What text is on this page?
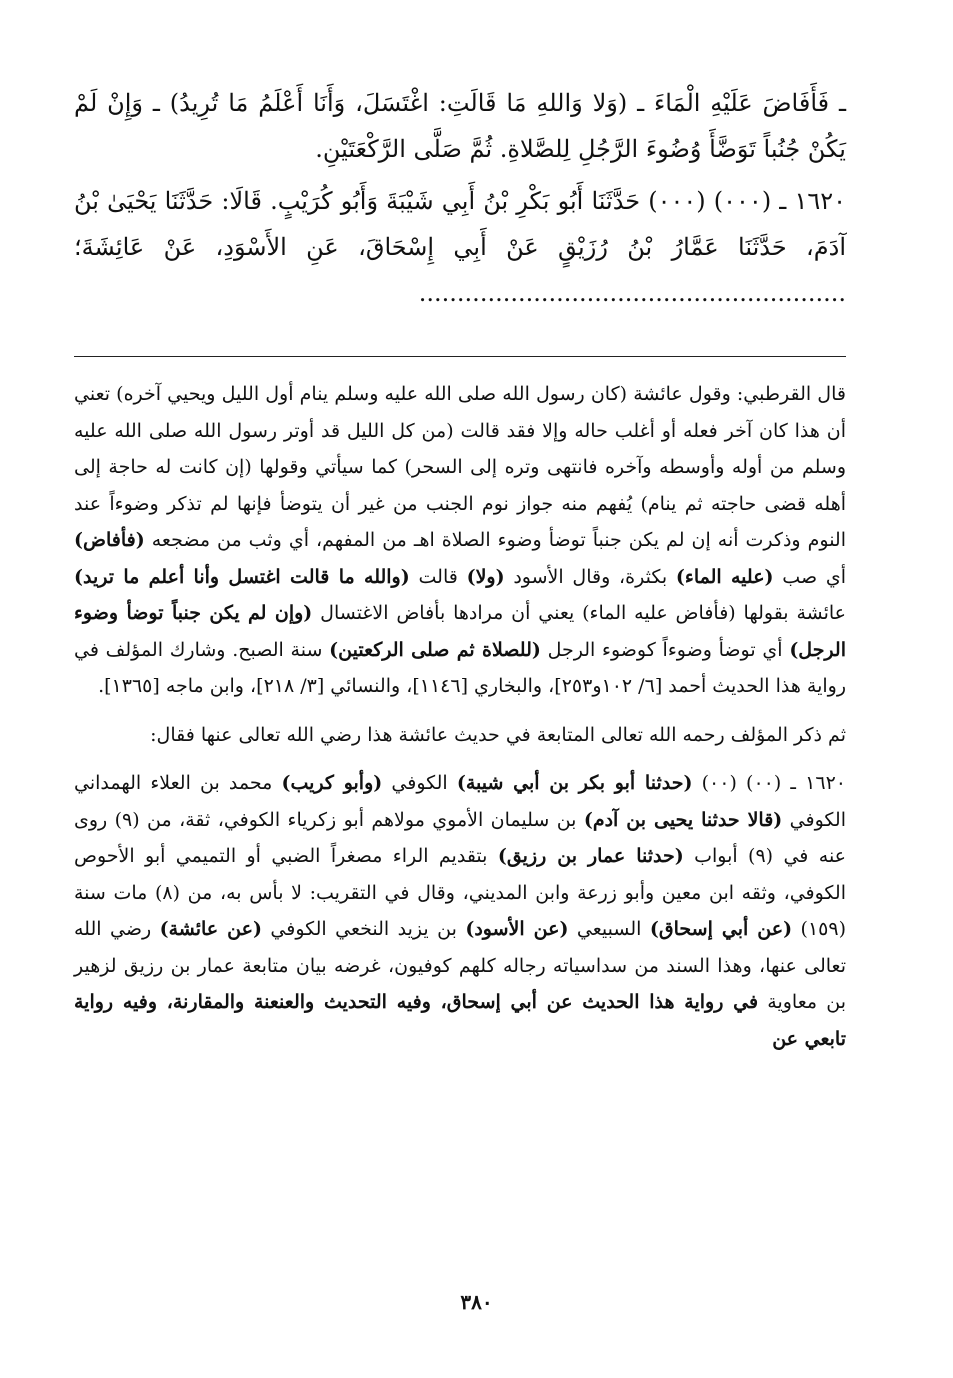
ـ فَأَفَاضَ عَلَيْهِ الْمَاءَ ـ (وَلا وَاللهِ مَا قَالَتِ: اغْتَسَلَ، وَأَنَا أَعْلَمُ مَا تُرِيدُ) ـ وَإِنْ لَمْ يَكُنْ جُنُباً تَوَضَّأَ وُضُوءَ الرَّجُلِ لِلصَّلاةِ. ثُمَّ صَلَّى الرَّكْعَتَيْنِ.

١٦٢٠ ـ (٠٠٠) (٠٠٠) حَدَّثَنَا أَبُو بَكْرِ بْنُ أَبِي شَيْبَةَ وَأَبُو كُرَيْبٍ. قَالَا: حَدَّثَنَا يَحْيَىٰ بْنُ آدَمَ، حَدَّثَنَا عَمَّارُ بْنُ رُزَيْقٍ عَنْ أَبِي إِسْحَاقَ، عَنِ الأَسْوَدِ، عَنْ عَائِشَةَ؛ ........................................................

قال القرطبي: وقول عائشة (كان رسول الله صلى الله عليه وسلم ينام أول الليل ويحيي آخره) تعني أن هذا كان آخر فعله أو أغلب حاله وإلا فقد قالت (من كل الليل قد أوتر رسول الله صلى الله عليه وسلم من أوله وأوسطه وآخره فانتهى وتره إلى السحر) كما سيأتي وقولها (إن كانت له حاجة إلى أهله قضى حاجته ثم ينام) يُفهم منه جواز نوم الجنب من غير أن يتوضأ فإنها لم تذكر وضوءاً عند النوم وذكرت أنه إن لم يكن جنباً توضأ وضوء الصلاة اهـ من المفهم، أي وثب من مضجعه (فأفاض) أي صب (عليه الماء) بكثرة، وقال الأسود (ولا) قالت (والله ما قالت اغتسل وأنا أعلم ما تريد) عائشة بقولها (فأفاض عليه الماء) يعني أن مرادها بأفاض الاغتسال (وإن لم يكن جنباً توضأ وضوء الرجل) أي توضأ وضوءاً كوضوء الرجل (للصلاة ثم صلى الركعتين) سنة الصبح. وشارك المؤلف في رواية هذا الحديث أحمد [٦/ ١٠٢و٢٥٣]، والبخاري [١١٤٦]، والنسائي [٣/ ٢١٨]، وابن ماجه [١٣٦٥].

ثم ذكر المؤلف رحمه الله تعالى المتابعة في حديث عائشة هذا رضي الله تعالى عنها فقال:

١٦٢٠ ـ (٠٠) (٠٠) (حدثنا أبو بكر بن أبي شيبة) الكوفي (وأبو كريب) محمد بن العلاء الهمداني الكوفي (قالا حدثنا يحيى بن آدم) بن سليمان الأموي مولاهم أبو زكرياء الكوفي، ثقة، من (٩) روى عنه في (٩) أبواب (حدثنا عمار بن رزيق) بتقديم الراء مصغراً الضبي أو التميمي أبو الأحوص الكوفي، وثقه ابن معين وأبو زرعة وابن المديني، وقال في التقريب: لا بأس به، من (٨) مات سنة (١٥٩) (عن أبي إسحاق) السبيعي (عن الأسود) بن يزيد النخعي الكوفي (عن عائشة) رضي الله تعالى عنها، وهذا السند من سداسياته رجاله كلهم كوفيون، غرضه بيان متابعة عمار بن رزيق لزهير بن معاوية في رواية هذا الحديث عن أبي إسحاق، وفيه التحديث والعنعنة والمقارنة، وفيه رواية تابعي عن

٣٨٠
